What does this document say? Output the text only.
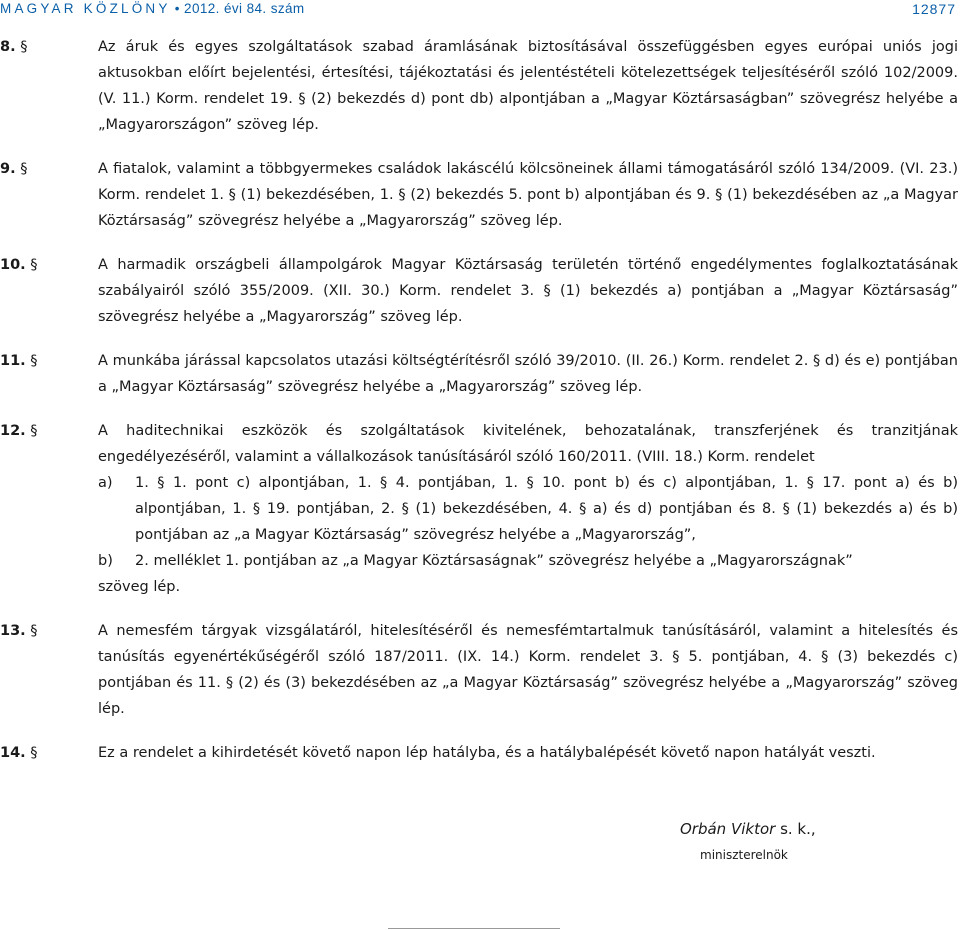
MAGYAR KÖZLÖNY • 2012. évi 84. szám	12877
8. §	Az áruk és egyes szolgáltatások szabad áramlásának biztosításával összefüggésben egyes európai uniós jogi aktusokban előírt bejelentési, értesítési, tájékoztatási és jelentéstételi kötelezettségek teljesítéséről szóló 102/2009. (V. 11.) Korm. rendelet 19. § (2) bekezdés d) pont db) alpontjában a „Magyar Köztársaságban” szövegrész helyébe a „Magyarországon” szöveg lép.
9. §	A fiatalok, valamint a többgyermekes családok lakáscélú kölcsöneinek állami támogatásáról szóló 134/2009. (VI. 23.) Korm. rendelet 1. § (1) bekezdésében, 1. § (2) bekezdés 5. pont b) alpontjában és 9. § (1) bekezdésében az „a Magyar Köztársaság” szövegrész helyébe a „Magyarország” szöveg lép.
10. §	A harmadik országbeli állampolgárok Magyar Köztársaság területén történő engedélymentes foglalkoztatásának szabályairól szóló 355/2009. (XII. 30.) Korm. rendelet 3. § (1) bekezdés a) pontjában a „Magyar Köztársaság” szövegrész helyébe a „Magyarország” szöveg lép.
11. §	A munkába járással kapcsolatos utazási költségtérítésről szóló 39/2010. (II. 26.) Korm. rendelet 2. § d) és e) pontjában a „Magyar Köztársaság” szövegrész helyébe a „Magyarország” szöveg lép.
12. §	A haditechnikai eszközök és szolgáltatások kivitelének, behozatalának, transzferjének és tranzitjának engedélyezéséről, valamint a vállalkozások tanúsításáról szóló 160/2011. (VIII. 18.) Korm. rendelet
a)	1. § 1. pont c) alpontjában, 1. § 4. pontjában, 1. § 10. pont b) és c) alpontjában, 1. § 17. pont a) és b) alpontjában, 1. § 19. pontjában, 2. § (1) bekezdésében, 4. § a) és d) pontjában és 8. § (1) bekezdés a) és b) pontjában az „a Magyar Köztársaság” szövegrész helyébe a „Magyarország”,
b)	2. melléklet 1. pontjában az „a Magyar Köztársaságnak” szövegrész helyébe a „Magyarországnak”
szöveg lép.
13. §	A nemesfém tárgyak vizsgálatáról, hitelesítéséről és nemesfémtartalmuk tanúsításáról, valamint a hitelesítés és tanúsítás egyenértékűségéről szóló 187/2011. (IX. 14.) Korm. rendelet 3. § 5. pontjában, 4. § (3) bekezdés c) pontjában és 11. § (2) és (3) bekezdésében az „a Magyar Köztársaság” szövegrész helyébe a „Magyarország” szöveg lép.
14. §	Ez a rendelet a kihirdetését követő napon lép hatályba, és a hatálybalépését követő napon hatályát veszti.
Orbán Viktor s. k.,
miniszterelnök
